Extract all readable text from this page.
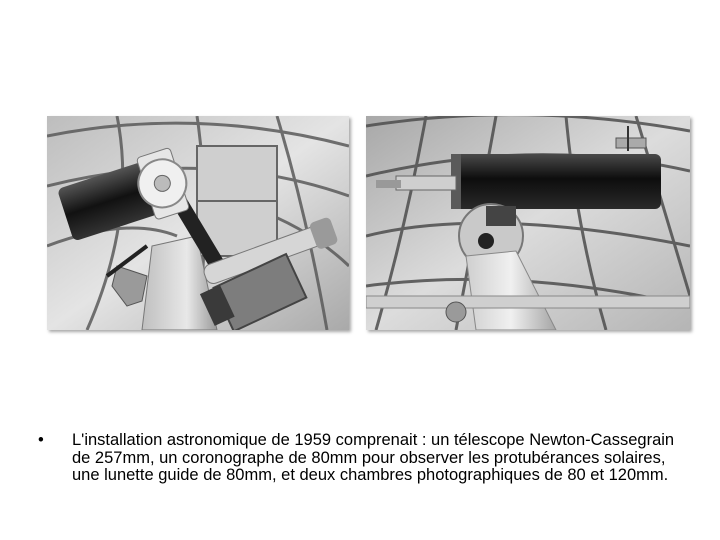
• L'installation astronomique de 1959 comprenait : un télescope Newton-Cassegrain de 257mm, un coronographe de 80mm pour observer les protubérances solaires, une lunette guide de 80mm, et deux chambres photographiques de 80 et 120mm.
